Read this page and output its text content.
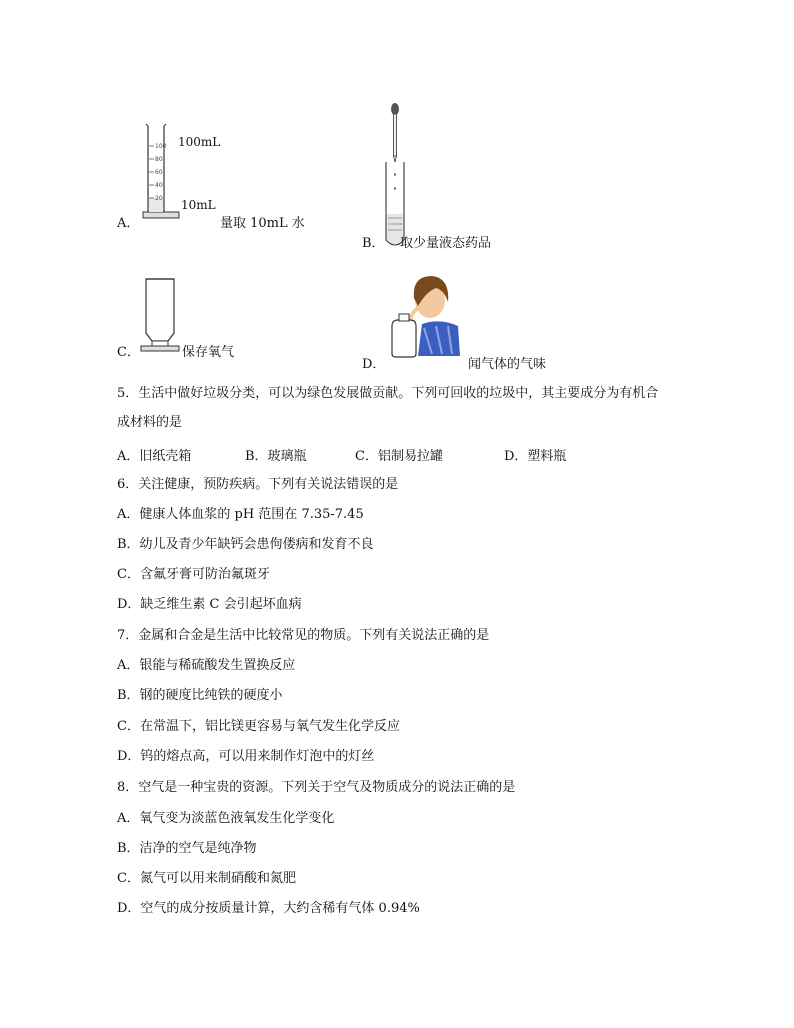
A．
100
80
60
40
20
100mL
10mL
量取 10mL 水
B． 取少量液态药品
C．	保存氧气
D．	闻气体的气味
5．生活中做好垃圾分类，可以为绿色发展做贡献。下列可回收的垃圾中，其主要成分为有机合
成材料的是
A．旧纸壳箱	B．玻璃瓶	C．铝制易拉罐	D．塑料瓶
6．关注健康，预防疾病。下列有关说法错误的是
A．健康人体血浆的 pH 范围在 7.35-7.45
B．幼儿及青少年缺钙会患佝偻病和发育不良
C．含氟牙膏可防治氟斑牙
D．缺乏维生素 C 会引起坏血病
7．金属和合金是生活中比较常见的物质。下列有关说法正确的是
A．银能与稀硫酸发生置换反应
B．钢的硬度比纯铁的硬度小
C．在常温下，铝比镁更容易与氧气发生化学反应
D．钨的熔点高，可以用来制作灯泡中的灯丝
8．空气是一种宝贵的资源。下列关于空气及物质成分的说法正确的是
A．氧气变为淡蓝色液氧发生化学变化
B．洁净的空气是纯净物
C．氮气可以用来制硝酸和氮肥
D．空气的成分按质量计算，大约含稀有气体 0.94%
